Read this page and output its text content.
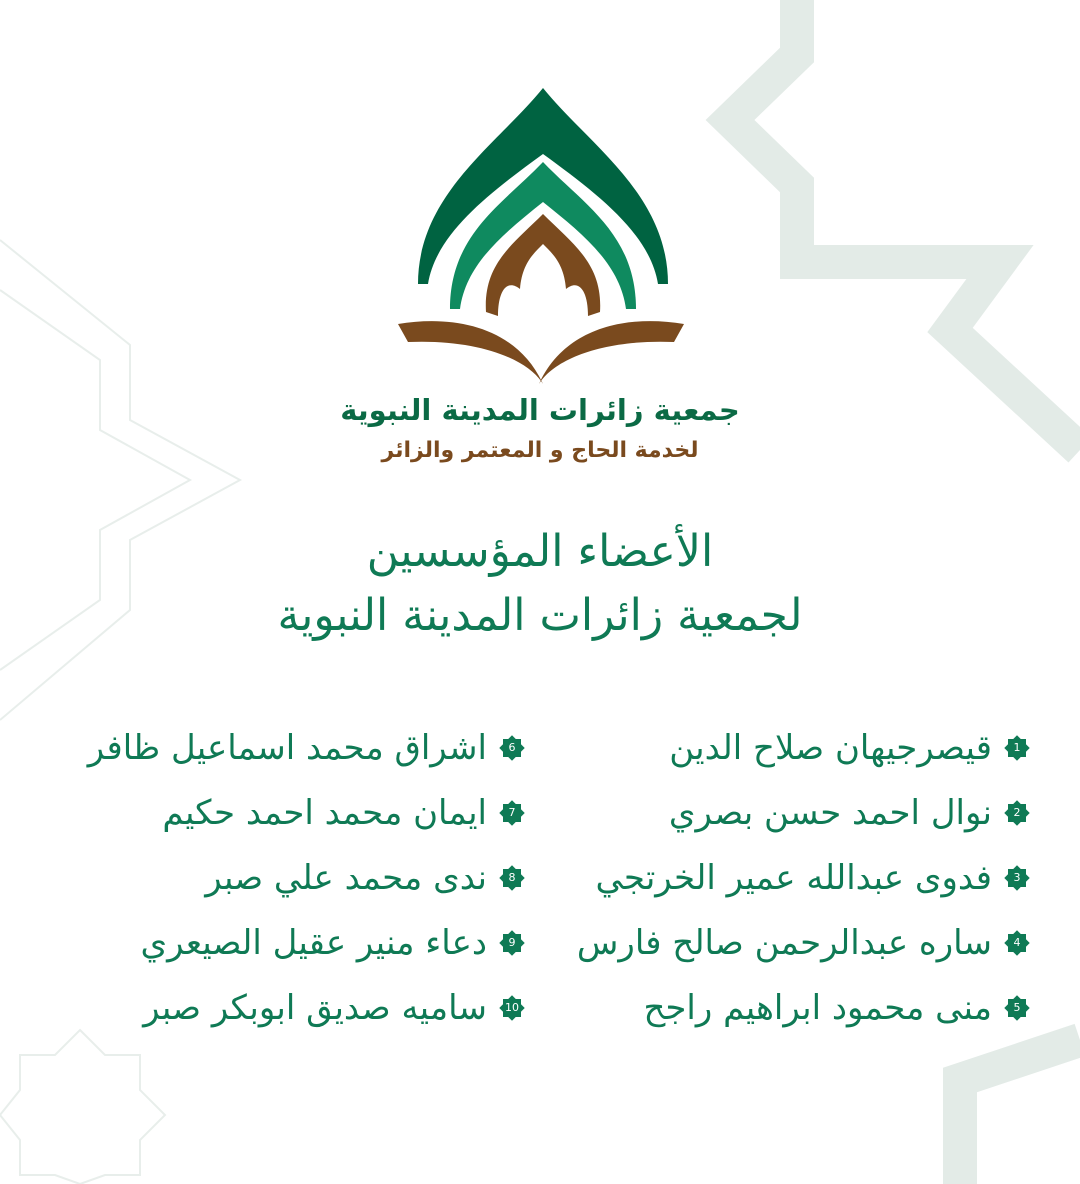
جمعية زائرات المدينة النبوية
لخدمة الحاج و المعتمر والزائر
الأعضاء المؤسسين
لجمعية زائرات المدينة النبوية
1
قيصرجيهان صلاح الدين
2
نوال احمد حسن بصري
3
فدوى عبدالله عمير الخرتجي
4
ساره عبدالرحمن صالح فارس
5
منى محمود ابراهيم راجح
6
اشراق محمد اسماعيل ظافر
7
ايمان محمد احمد حكيم
8
ندى محمد علي صبر
9
دعاء منير عقيل الصيعري
10
ساميه صديق ابوبكر صبر
